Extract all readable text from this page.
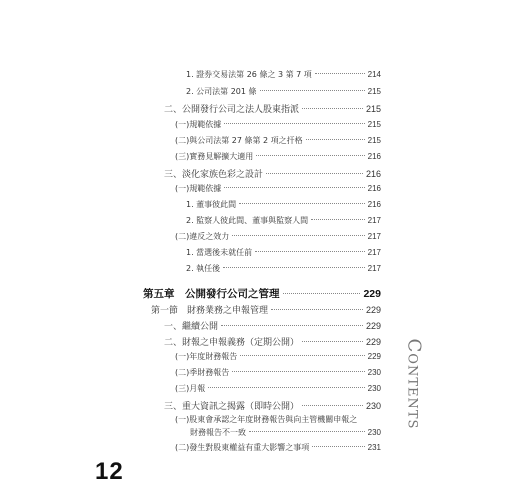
1. 證券交易法第 26 條之 3 第 7 項	214
2. 公司法第 201 條	215
二、公開發行公司之法人股東指派	215
(一)規範依據	215
(二)與公司法第 27 條第 2 項之扞格	215
(三)實務見解擴大適用	216
三、淡化家族色彩之設計	216
(一)規範依據	216
1. 董事彼此間	216
2. 監察人彼此間、董事與監察人間	217
(二)違反之效力	217
1. 當選後未就任前	217
2. 執任後	217
第五章　公開發行公司之管理	229
第一節　財務業務之申報管理	229
一、繼續公開	229
二、財報之申報義務（定期公開）	229
(一)年度財務報告	229
(二)季財務報告	230
(三)月報	230
三、重大資訊之揭露（即時公開）	230
(一)股東會承認之年度財務報告與向主管機關申報之
財務報告不一致	230
(二)發生對股東權益有重大影響之事項	231
12
Contents
